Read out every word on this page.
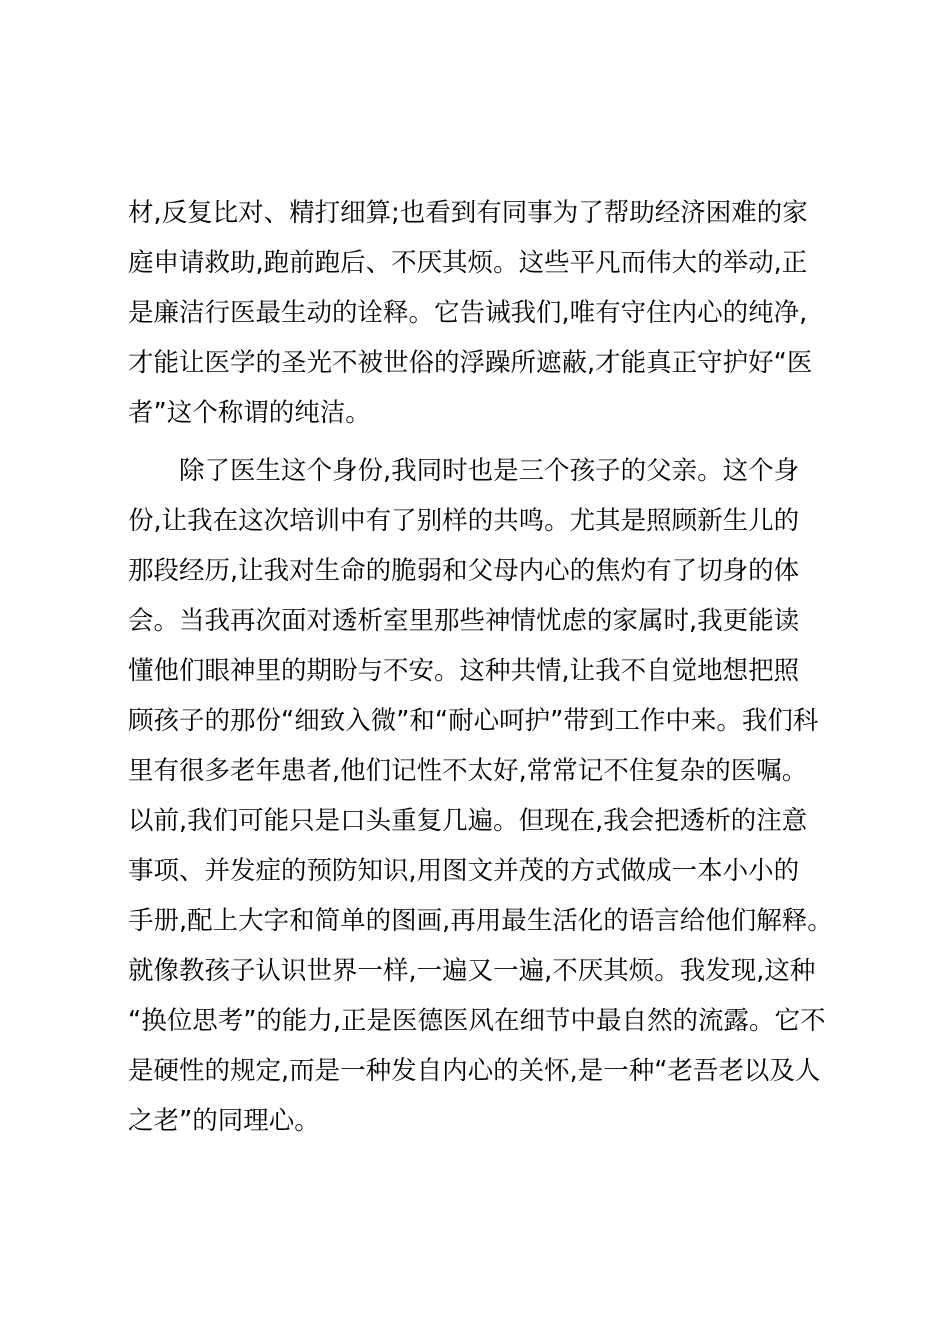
材,反复比对、精打细算;也看到有同事为了帮助经济困难的家
庭申请救助,跑前跑后、不厌其烦。这些平凡而伟大的举动,正
是廉洁行医最生动的诠释。它告诫我们,唯有守住内心的纯净,
才能让医学的圣光不被世俗的浮躁所遮蔽,才能真正守护好“医
者”这个称谓的纯洁。

除了医生这个身份,我同时也是三个孩子的父亲。这个身
份,让我在这次培训中有了别样的共鸣。尤其是照顾新生儿的
那段经历,让我对生命的脆弱和父母内心的焦灼有了切身的体
会。当我再次面对透析室里那些神情忧虑的家属时,我更能读
懂他们眼神里的期盼与不安。这种共情,让我不自觉地想把照
顾孩子的那份“细致入微”和“耐心呵护”带到工作中来。我们科
里有很多老年患者,他们记性不太好,常常记不住复杂的医嘱。
以前,我们可能只是口头重复几遍。但现在,我会把透析的注意
事项、并发症的预防知识,用图文并茂的方式做成一本小小的
手册,配上大字和简单的图画,再用最生活化的语言给他们解释。
就像教孩子认识世界一样,一遍又一遍,不厌其烦。我发现,这种
“换位思考”的能力,正是医德医风在细节中最自然的流露。它不
是硬性的规定,而是一种发自内心的关怀,是一种“老吾老以及人
之老”的同理心。
